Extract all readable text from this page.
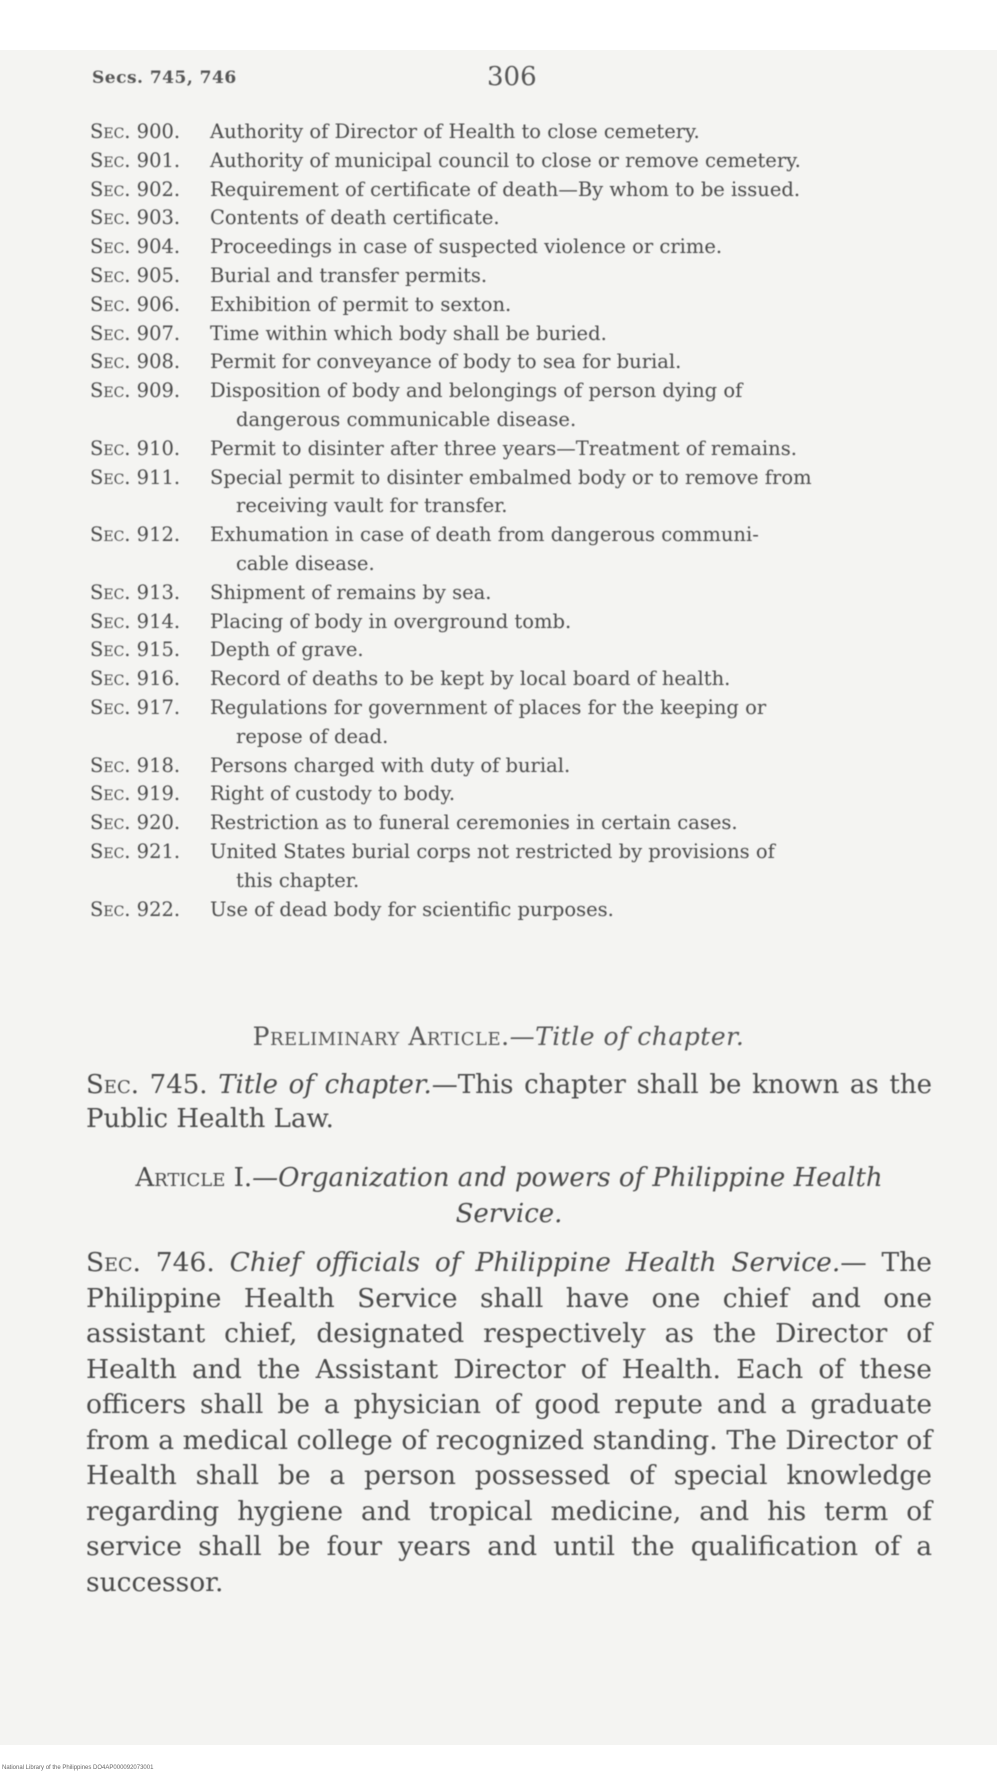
Secs. 745, 746	306
Sec. 900.	Authority of Director of Health to close cemetery.
Sec. 901.	Authority of municipal council to close or remove cemetery.
Sec. 902.	Requirement of certificate of death—By whom to be issued.
Sec. 903.	Contents of death certificate.
Sec. 904.	Proceedings in case of suspected violence or crime.
Sec. 905.	Burial and transfer permits.
Sec. 906.	Exhibition of permit to sexton.
Sec. 907.	Time within which body shall be buried.
Sec. 908.	Permit for conveyance of body to sea for burial.
Sec. 909.	Disposition of body and belongings of person dying of
dangerous communicable disease.
Sec. 910.	Permit to disinter after three years—Treatment of remains.
Sec. 911.	Special permit to disinter embalmed body or to remove from
receiving vault for transfer.
Sec. 912.	Exhumation in case of death from dangerous communi-
cable disease.
Sec. 913.	Shipment of remains by sea.
Sec. 914.	Placing of body in overground tomb.
Sec. 915.	Depth of grave.
Sec. 916.	Record of deaths to be kept by local board of health.
Sec. 917.	Regulations for government of places for the keeping or
repose of dead.
Sec. 918.	Persons charged with duty of burial.
Sec. 919.	Right of custody to body.
Sec. 920.	Restriction as to funeral ceremonies in certain cases.
Sec. 921.	United States burial corps not restricted by provisions of
this chapter.
Sec. 922.	Use of dead body for scientific purposes.
Preliminary Article.—Title of chapter.
Sec. 745. Title of chapter.—This chapter shall be known as the Public Health Law.
Article I.—Organization and powers of Philippine Health Service.
Sec. 746. Chief officials of Philippine Health Service.— The Philippine Health Service shall have one chief and one assistant chief, designated respectively as the Director of Health and the Assistant Director of Health. Each of these officers shall be a physician of good repute and a graduate from a medical college of recognized standing. The Director of Health shall be a person possessed of special knowledge regarding hygiene and tropical medicine, and his term of service shall be four years and until the qualification of a successor.
National Library of the Philippines DO4AP000092073001
